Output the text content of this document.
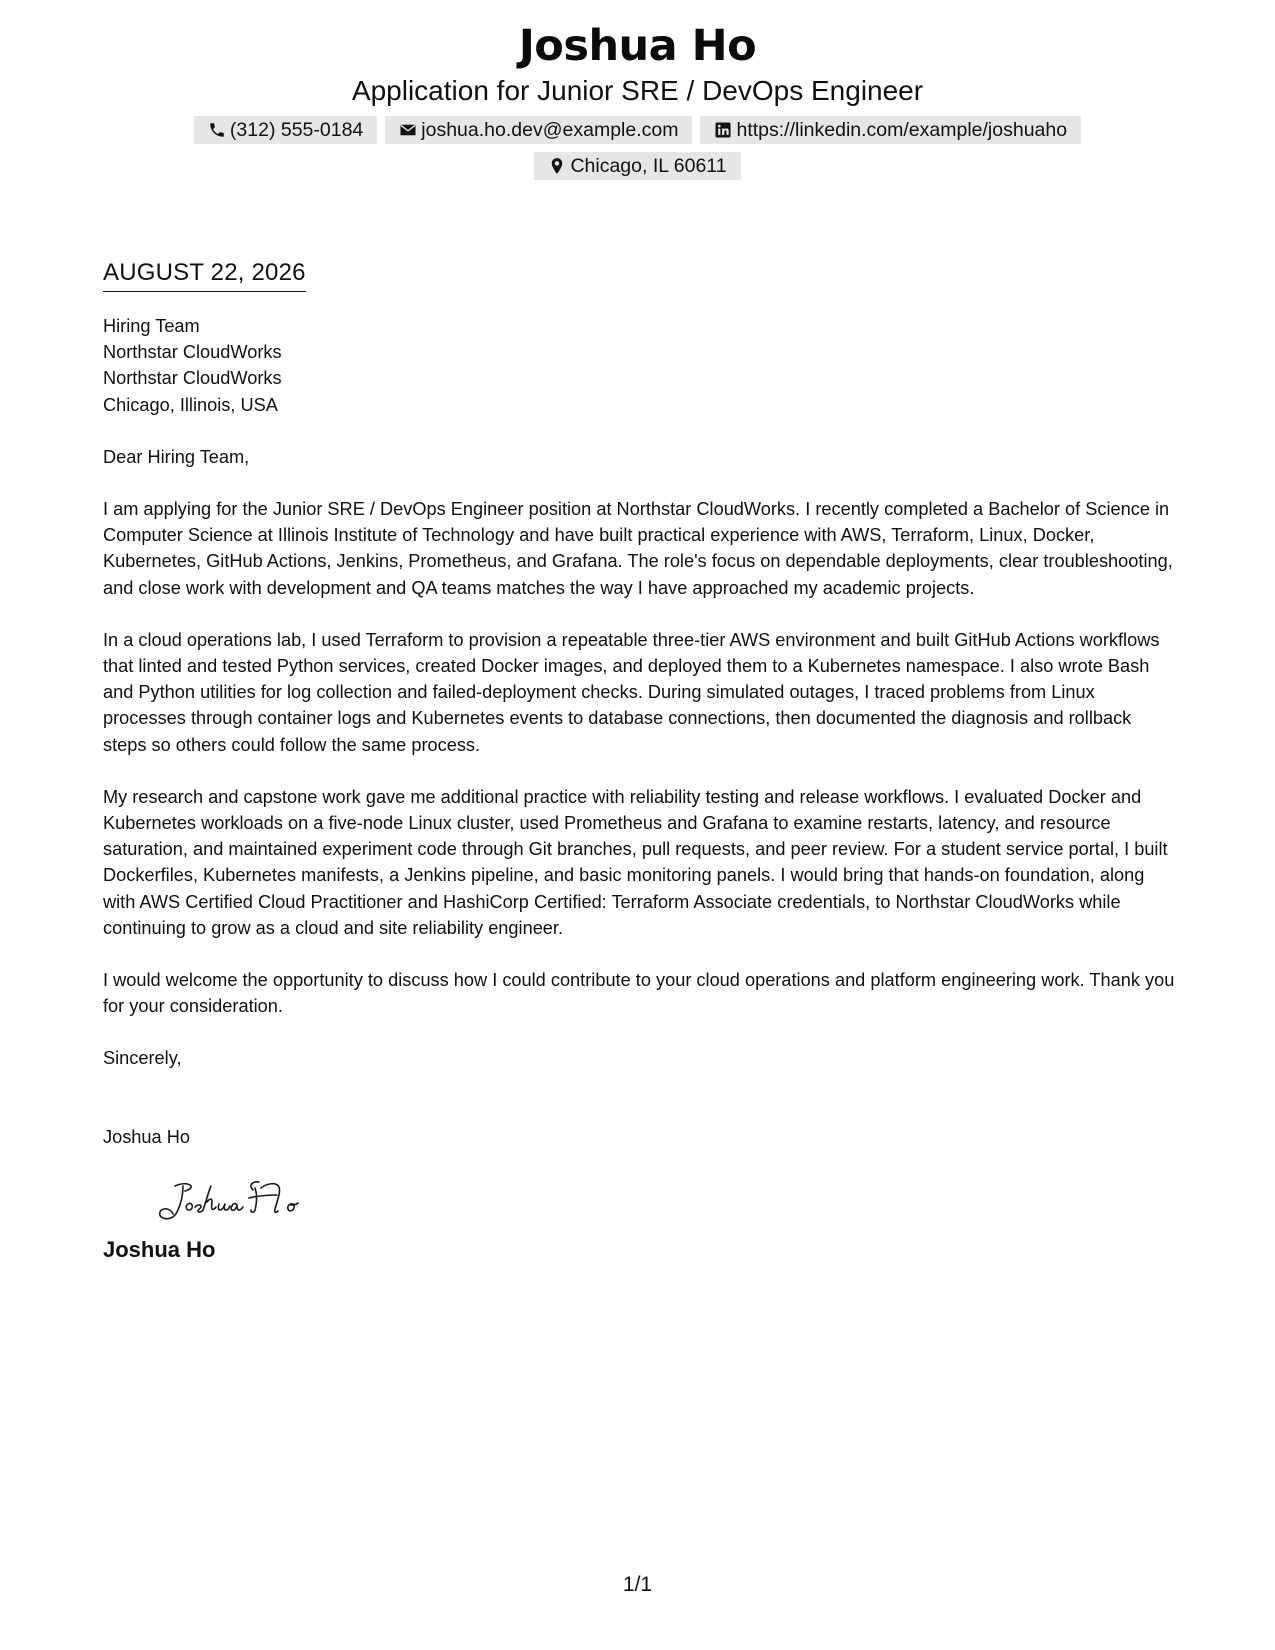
Joshua Ho
Application for Junior SRE / DevOps Engineer
(312) 555-0184	joshua.ho.dev@example.com	https://linkedin.com/example/joshuaho
Chicago, IL 60611
AUGUST 22, 2026
Hiring Team
Northstar CloudWorks
Northstar CloudWorks
Chicago, Illinois, USA
Dear Hiring Team,

I am applying for the Junior SRE / DevOps Engineer position at Northstar CloudWorks. I recently completed a Bachelor of Science in Computer Science at Illinois Institute of Technology and have built practical experience with AWS, Terraform, Linux, Docker, Kubernetes, GitHub Actions, Jenkins, Prometheus, and Grafana. The role's focus on dependable deployments, clear troubleshooting, and close work with development and QA teams matches the way I have approached my academic projects.

In a cloud operations lab, I used Terraform to provision a repeatable three-tier AWS environment and built GitHub Actions workflows that linted and tested Python services, created Docker images, and deployed them to a Kubernetes namespace. I also wrote Bash and Python utilities for log collection and failed-deployment checks. During simulated outages, I traced problems from Linux processes through container logs and Kubernetes events to database connections, then documented the diagnosis and rollback steps so others could follow the same process.

My research and capstone work gave me additional practice with reliability testing and release workflows. I evaluated Docker and Kubernetes workloads on a five-node Linux cluster, used Prometheus and Grafana to examine restarts, latency, and resource saturation, and maintained experiment code through Git branches, pull requests, and peer review. For a student service portal, I built Dockerfiles, Kubernetes manifests, a Jenkins pipeline, and basic monitoring panels. I would bring that hands-on foundation, along with AWS Certified Cloud Practitioner and HashiCorp Certified: Terraform Associate credentials, to Northstar CloudWorks while continuing to grow as a cloud and site reliability engineer.

I would welcome the opportunity to discuss how I could contribute to your cloud operations and platform engineering work. Thank you for your consideration.

Sincerely,
Joshua Ho
Joshua Ho
1/1
